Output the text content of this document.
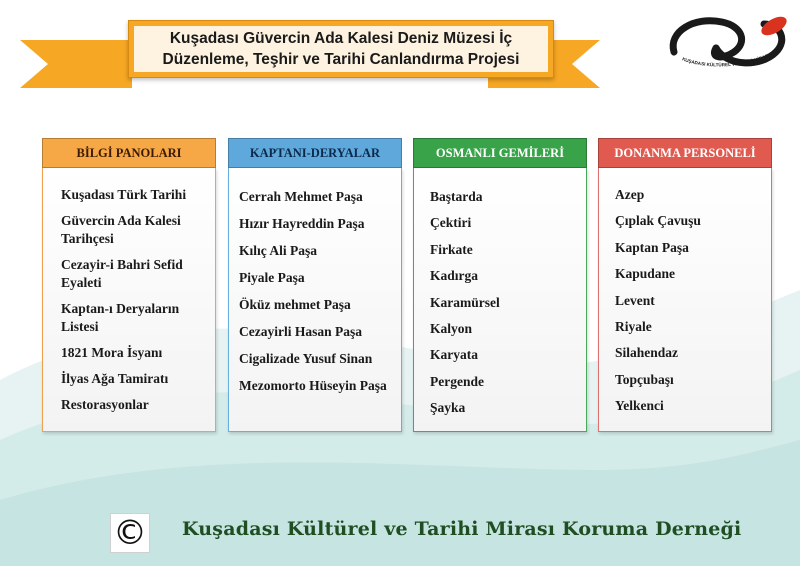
Kuşadası Güvercin Ada Kalesi Deniz Müzesi İç
Düzenleme, Teşhir ve Tarihi Canlandırma Projesi	KUŞADASI KÜLTÜREL ve TARİHİ MİRASI KORU
BİLGİ PANOLARI
Kuşadası Türk Tarihi
Güvercin Ada Kalesi Tarihçesi
Cezayir-i Bahri Sefid Eyaleti
Kaptan-ı Deryaların Listesi
1821 Mora İsyanı
İlyas Ağa Tamiratı
Restorasyonlar
KAPTANI-DERYALAR
Cerrah Mehmet Paşa
Hızır Hayreddin Paşa
Kılıç Ali Paşa
Piyale Paşa
Öküz mehmet Paşa
Cezayirli Hasan Paşa
Cigalizade Yusuf Sinan
Mezomorto Hüseyin Paşa
OSMANLI GEMİLERİ
Baştarda
Çektiri
Firkate
Kadırga
Karamürsel
Kalyon
Karyata
Pergende
Şayka
DONANMA PERSONELİ
Azep
Çıplak Çavuşu
Kaptan Paşa
Kapudane
Levent
Riyale
Silahendaz
Topçubaşı
Yelkenci
© Kuşadası Kültürel ve Tarihi Mirası Koruma Derneği
